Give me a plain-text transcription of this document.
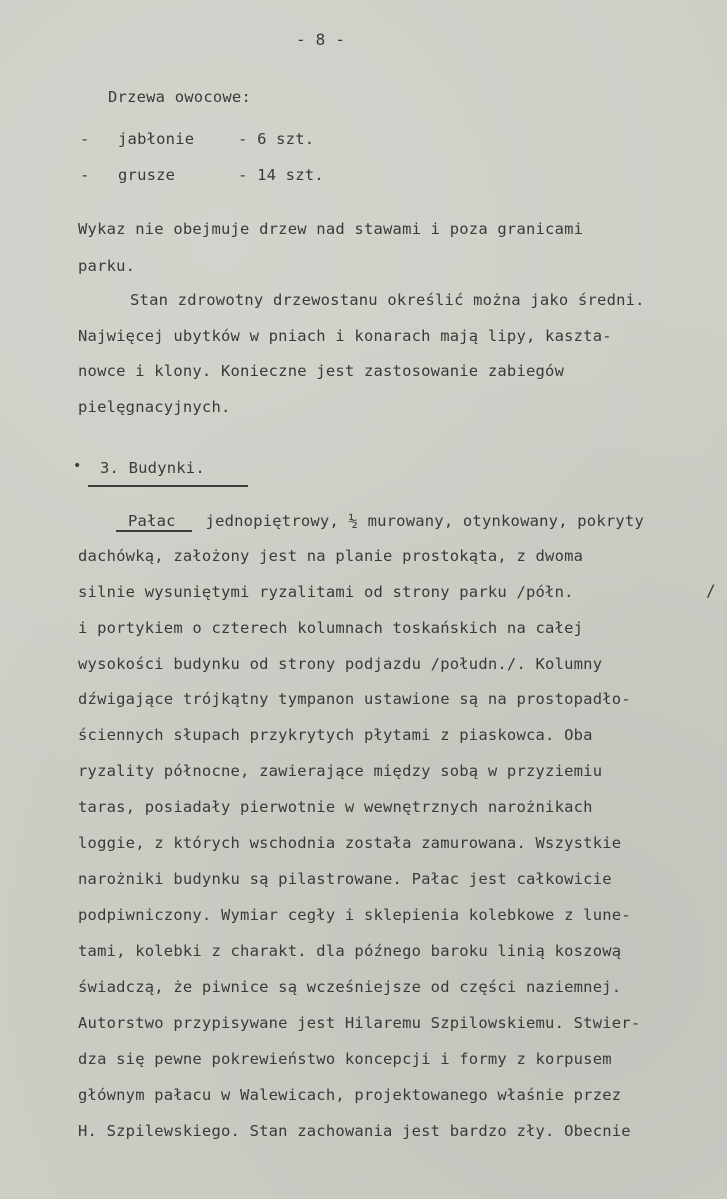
- 8 -
Drzewa owocowe:
- jabłonie	- 6 szt.
- grusze	- 14 szt.
Wykaz nie obejmuje drzew nad stawami i poza granicami
parku.
Stan zdrowotny drzewostanu określić można jako średni.
Najwięcej ubytków w pniach i konarach mają lipy, kaszta-
nowce i klony. Konieczne jest zastosowanie zabiegów
pielęgnacyjnych.
• 3. Budynki.
Pałac jednopiętrowy, ½ murowany, otynkowany, pokryty
/
dachówką, założony jest na planie prostokąta, z dwoma
silnie wysuniętymi ryzalitami od strony parku /półn.
i portykiem o czterech kolumnach toskańskich na całej
wysokości budynku od strony podjazdu /połudn./. Kolumny
dźwigające trójkątny tympanon ustawione są na prostopadło-
ściennych słupach przykrytych płytami z piaskowca. Oba
ryzality północne, zawierające między sobą w przyziemiu
taras, posiadały pierwotnie w wewnętrznych narożnikach
loggie, z których wschodnia została zamurowana. Wszystkie
narożniki budynku są pilastrowane. Pałac jest całkowicie
podpiwniczony. Wymiar cegły i sklepienia kolebkowe z lune-
tami, kolebki z charakt. dla późnego baroku linią koszową
świadczą, że piwnice są wcześniejsze od części naziemnej.
Autorstwo przypisywane jest Hilaremu Szpilowskiemu. Stwier-
dza się pewne pokrewieństwo koncepcji i formy z korpusem
głównym pałacu w Walewicach, projektowanego właśnie przez
H. Szpilewskiego. Stan zachowania jest bardzo zły. Obecnie
